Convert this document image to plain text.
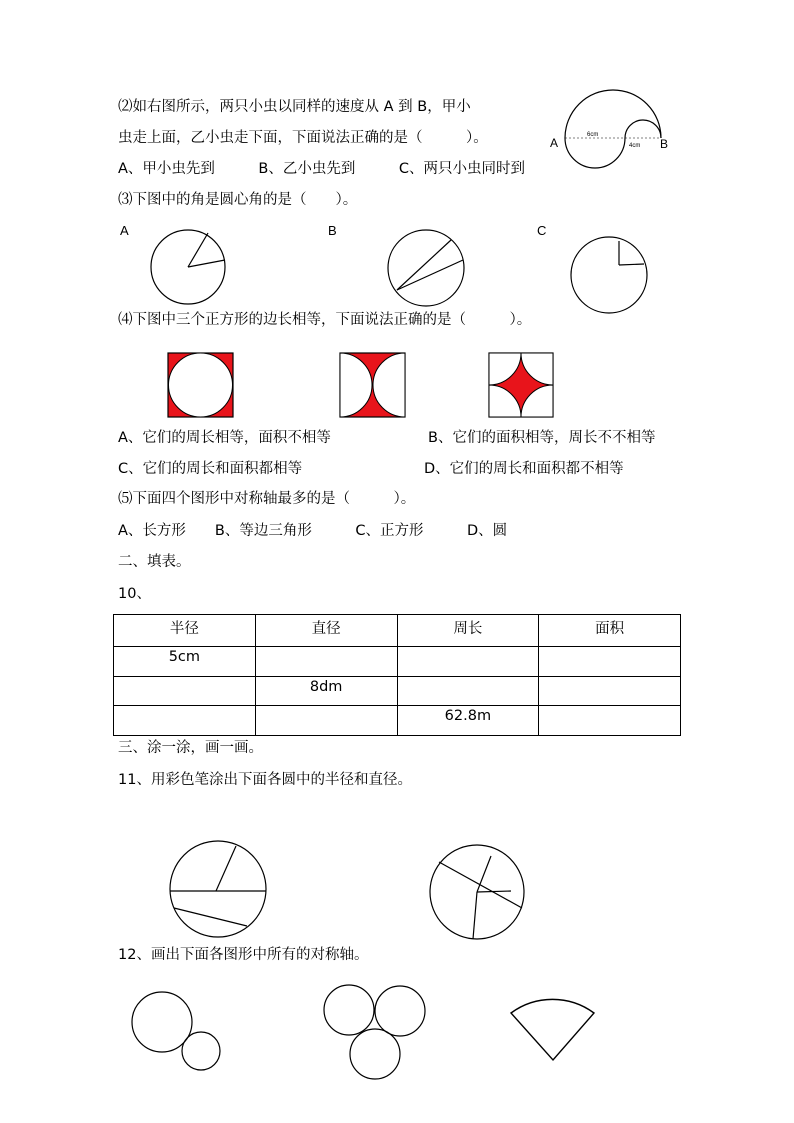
⑵如右图所示，两只小虫以同样的速度从 A 到 B，甲小
虫走上面，乙小虫走下面，下面说法正确的是（　　　）。
A、甲小虫先到　　　B、乙小虫先到　　　C、两只小虫同时到
6cm
4cm
A	B
⑶下图中的角是圆心角的是（　　）。
A	B	C
⑷下图中三个正方形的边长相等，下面说法正确的是（　　　）。
A、它们的周长相等，面积不相等	B、它们的面积相等，周长不不相等
C、它们的周长和面积都相等	D、它们的周长和面积都不相等
⑸下面四个图形中对称轴最多的是（　　　）。
A、长方形　　B、等边三角形　　　C、正方形　　　D、圆
二、填表。
10、
半径	直径	周长	面积
5cm			
	8dm		
		62.8m	
三、涂一涂，画一画。
11、用彩色笔涂出下面各圆中的半径和直径。
12、画出下面各图形中所有的对称轴。
